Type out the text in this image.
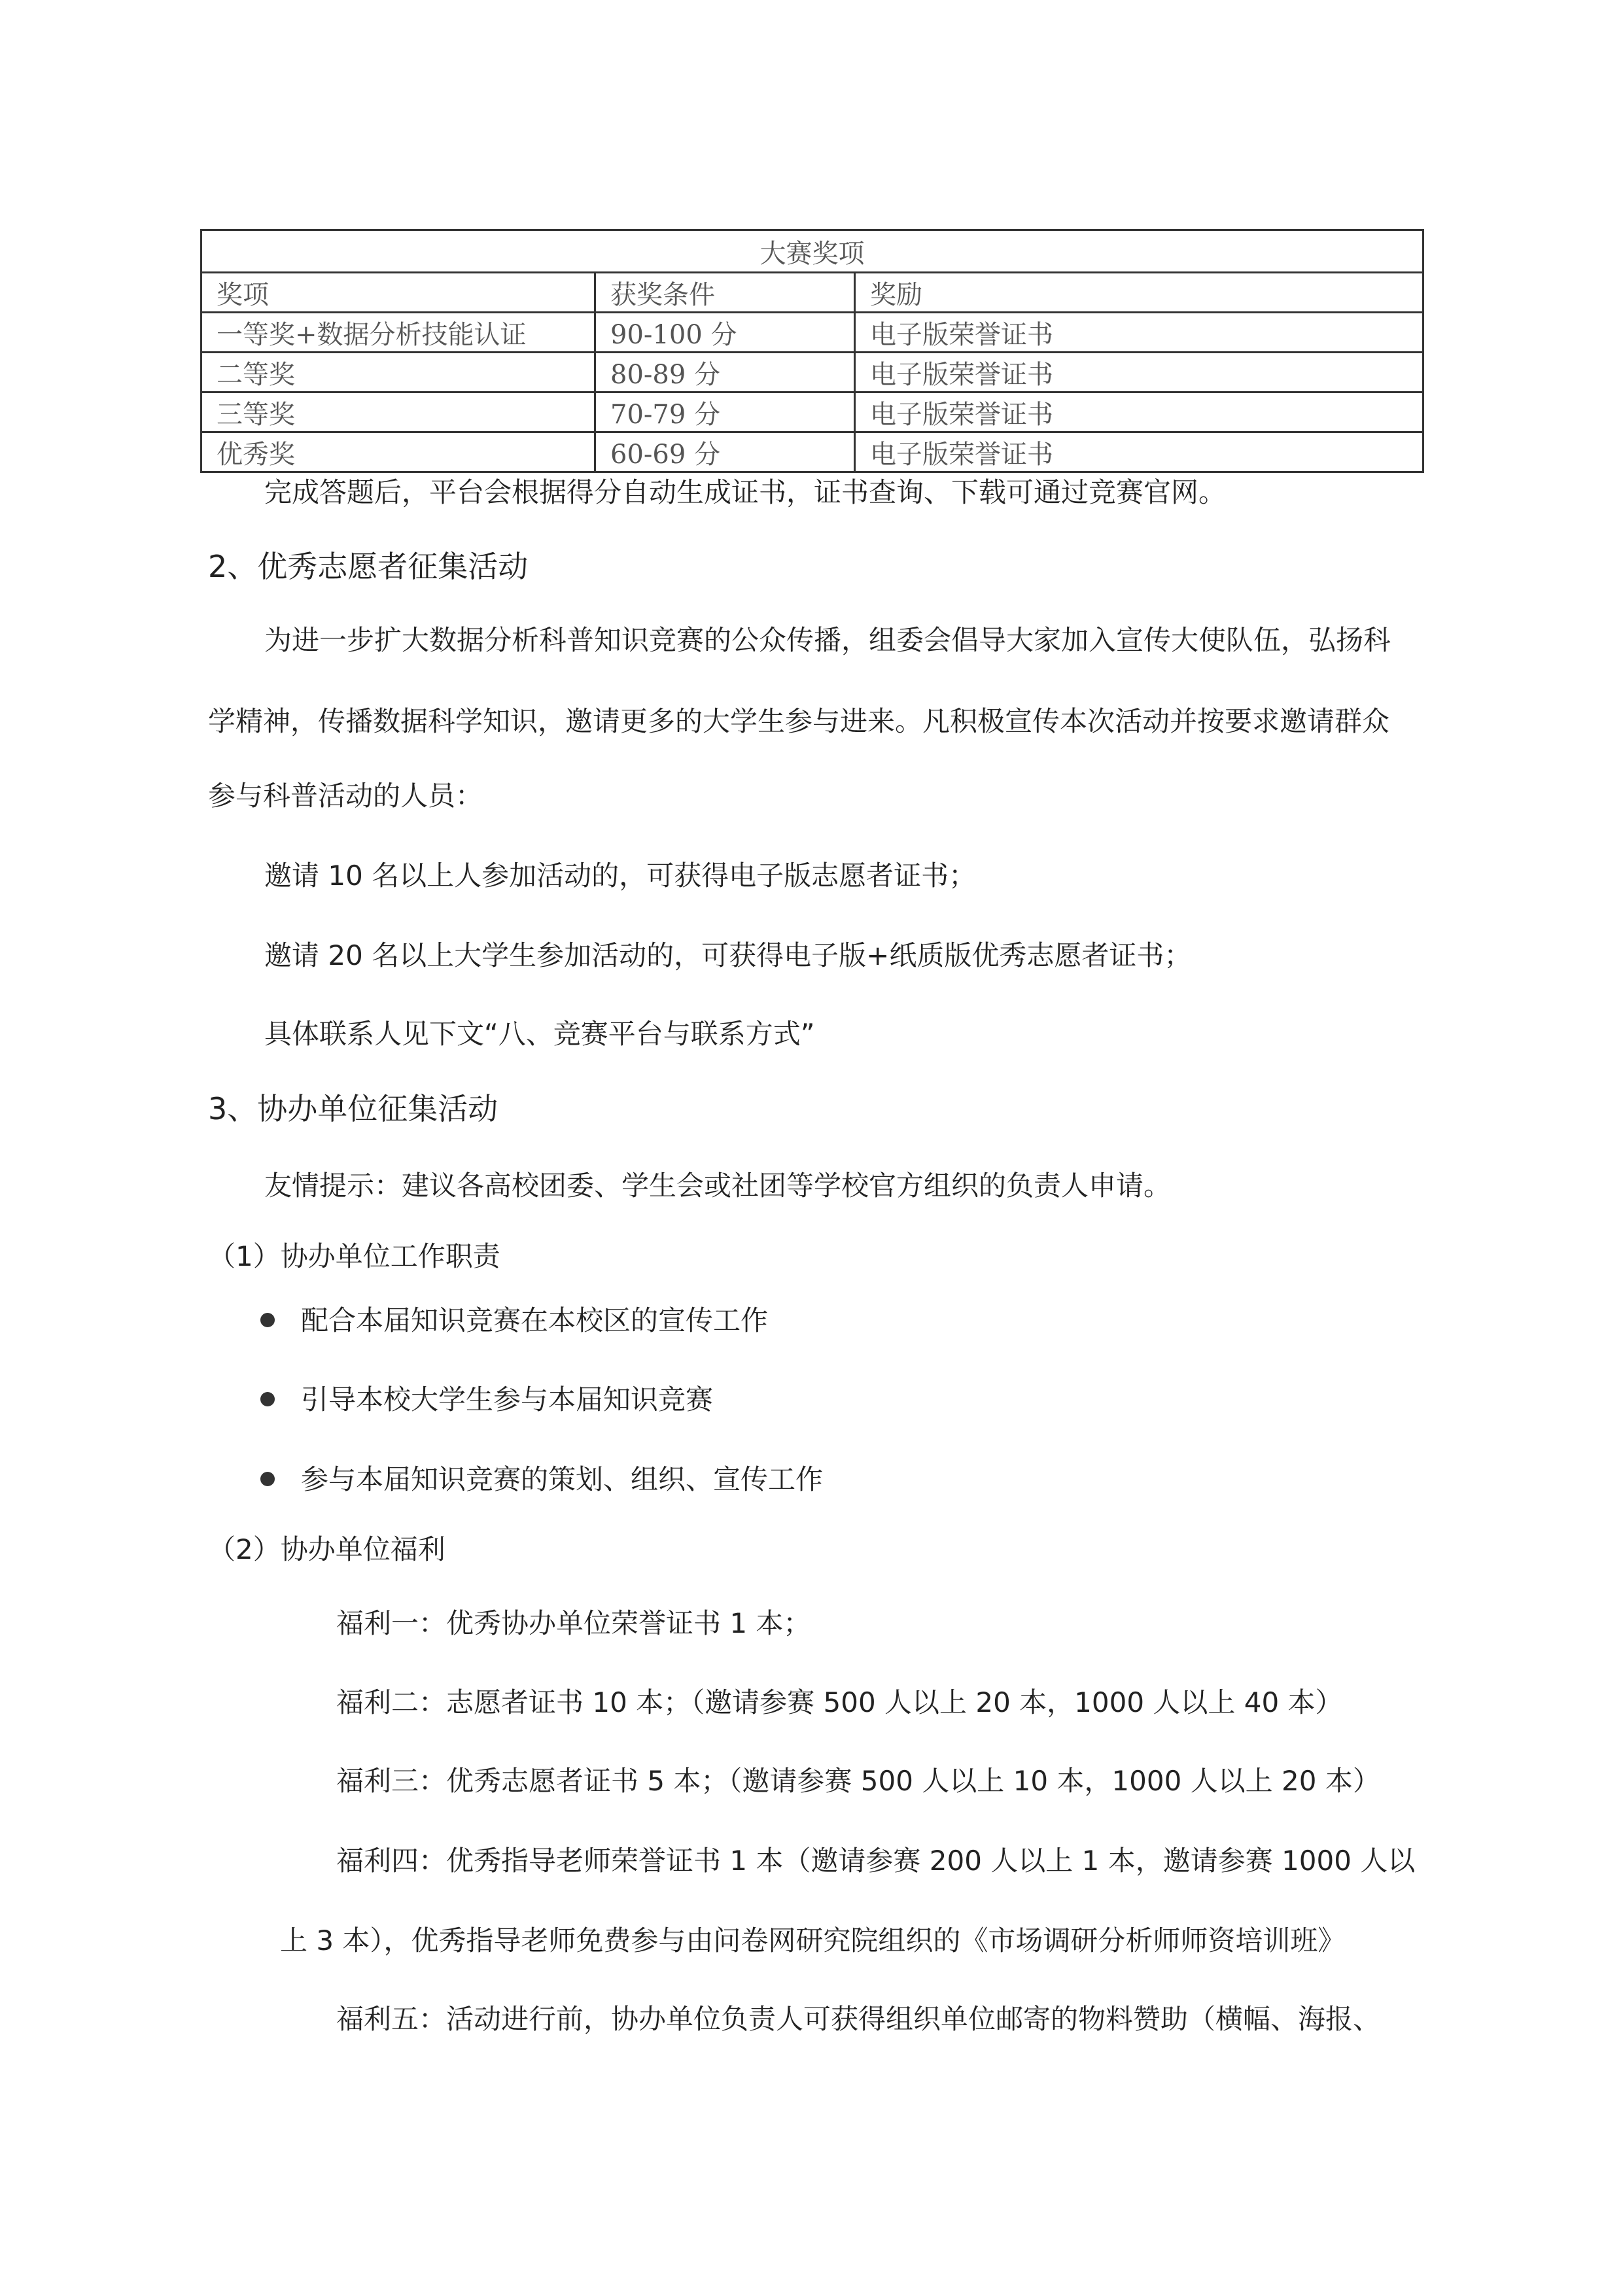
大赛奖项		
奖项	获奖条件	奖励
一等奖+数据分析技能认证	90-100 分	电子版荣誉证书
二等奖	80-89 分	电子版荣誉证书
三等奖	70-79 分	电子版荣誉证书
优秀奖	60-69 分	电子版荣誉证书
完成答题后，平台会根据得分自动生成证书，证书查询、下载可通过竞赛官网。
2、优秀志愿者征集活动
为进一步扩大数据分析科普知识竞赛的公众传播，组委会倡导大家加入宣传大使队伍，弘扬科
学精神，传播数据科学知识，邀请更多的大学生参与进来。凡积极宣传本次活动并按要求邀请群众
参与科普活动的人员：
邀请 10 名以上人参加活动的，可获得电子版志愿者证书；
邀请 20 名以上大学生参加活动的，可获得电子版+纸质版优秀志愿者证书；
具体联系人见下文“八、竞赛平台与联系方式”
3、协办单位征集活动
友情提示：建议各高校团委、学生会或社团等学校官方组织的负责人申请。
（1）协办单位工作职责
配合本届知识竞赛在本校区的宣传工作
引导本校大学生参与本届知识竞赛
参与本届知识竞赛的策划、组织、宣传工作
（2）协办单位福利
福利一：优秀协办单位荣誉证书 1 本；
福利二：志愿者证书 10 本；（邀请参赛 500 人以上 20 本，1000 人以上 40 本）
福利三：优秀志愿者证书 5 本；（邀请参赛 500 人以上 10 本，1000 人以上 20 本）
福利四：优秀指导老师荣誉证书 1 本（邀请参赛 200 人以上 1 本，邀请参赛 1000 人以
上 3 本），优秀指导老师免费参与由问卷网研究院组织的《市场调研分析师师资培训班》
福利五：活动进行前，协办单位负责人可获得组织单位邮寄的物料赞助（横幅、海报、
